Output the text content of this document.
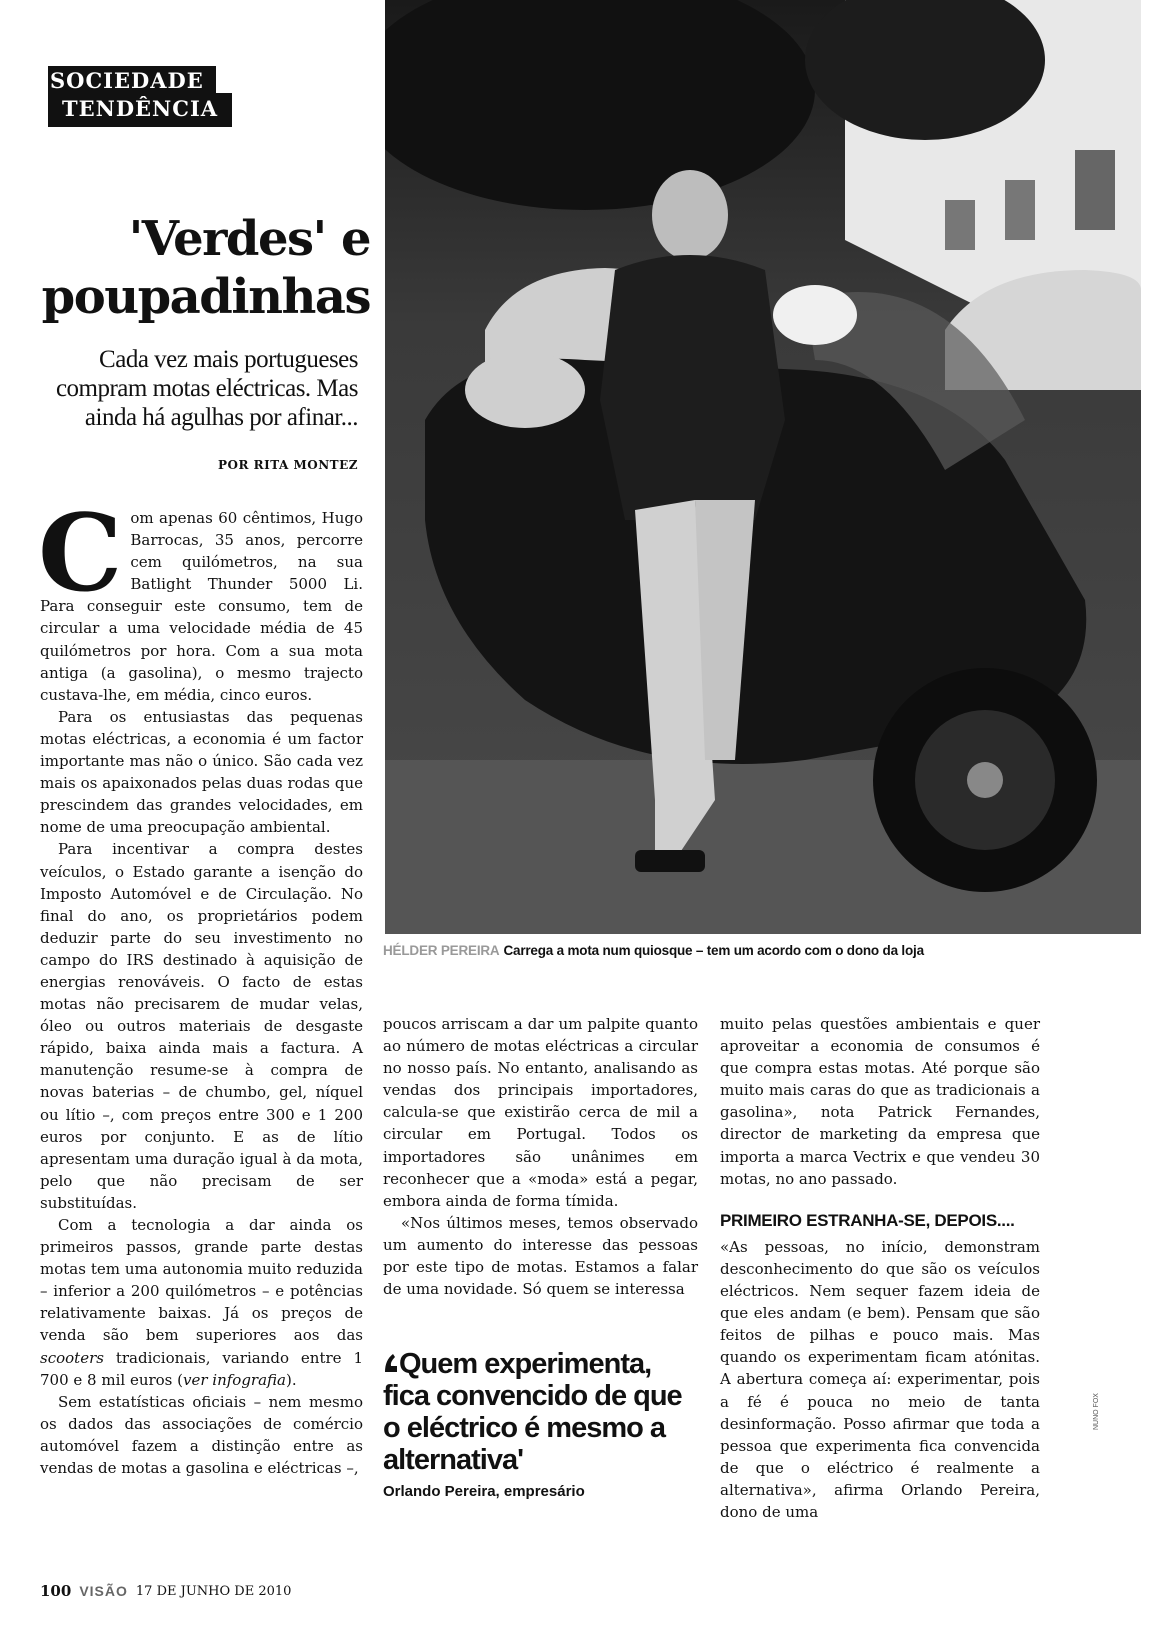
SOCIEDADE
TENDÊNCIA
'Verdes' e
poupadinhas
Cada vez mais portugueses compram motas eléctricas. Mas ainda há agulhas por afinar...
POR RITA MONTEZ

Com apenas 60 cêntimos, Hugo Barrocas, 35 anos, percorre cem quilómetros, na sua Batlight Thunder 5000 Li. Para conseguir este consumo, tem de circular a uma velocidade média de 45 quilómetros por hora. Com a sua mota antiga (a gasolina), o mesmo trajecto custava-lhe, em média, cinco euros.

Para os entusiastas das pequenas motas eléctricas, a economia é um factor importante mas não o único. São cada vez mais os apaixonados pelas duas rodas que prescindem das grandes velocidades, em nome de uma preocupação ambiental.

Para incentivar a compra destes veículos, o Estado garante a isenção do Imposto Automóvel e de Circulação. No final do ano, os proprietários podem deduzir parte do seu investimento no campo do IRS destinado à aquisição de energias renováveis. O facto de estas motas não precisarem de mudar velas, óleo ou outros materiais de desgaste rápido, baixa ainda mais a factura. A manutenção resume-se à compra de novas baterias – de chumbo, gel, níquel ou lítio –, com preços entre 300 e 1 200 euros por conjunto. E as de lítio apresentam uma duração igual à da mota, pelo que não precisam de ser substituídas.

Com a tecnologia a dar ainda os primeiros passos, grande parte destas motas tem uma autonomia muito reduzida – inferior a 200 quilómetros – e potências relativamente baixas. Já os preços de venda são bem superiores aos das scooters tradicionais, variando entre 1 700 e 8 mil euros (ver infografia).

Sem estatísticas oficiais – nem mesmo os dados das associações de comércio automóvel fazem a distinção entre as vendas de motas a gasolina e eléctricas –,

HÉLDER PEREIRA Carrega a mota num quiosque – tem um acordo com o dono da loja

poucos arriscam a dar um palpite quanto ao número de motas eléctricas a circular no nosso país. No entanto, analisando as vendas dos principais importadores, calcula-se que existirão cerca de mil a circular em Portugal. Todos os importadores são unânimes em reconhecer que a «moda» está a pegar, embora ainda de forma tímida.

«Nos últimos meses, temos observado um aumento do interesse das pessoas por este tipo de motas. Estamos a falar de uma novidade. Só quem se interessa

Quem experimenta, fica convencido de que o eléctrico é mesmo a alternativa'
Orlando Pereira, empresário

muito pelas questões ambientais e quer aproveitar a economia de consumos é que compra estas motas. Até porque são muito mais caras do que as tradicionais a gasolina», nota Patrick Fernandes, director de marketing da empresa que importa a marca Vectrix e que vendeu 30 motas, no ano passado.

PRIMEIRO ESTRANHA-SE, DEPOIS....

«As pessoas, no início, demonstram desconhecimento do que são os veículos eléctricos. Nem sequer fazem ideia de que eles andam (e bem). Pensam que são feitos de pilhas e pouco mais. Mas quando os experimentam ficam atónitas. A abertura começa aí: experimentar, pois a fé é pouca no meio de tanta desinformação. Posso afirmar que toda a pessoa que experimenta fica convencida de que o eléctrico é realmente a alternativa», afirma Orlando Pereira, dono de uma

NUNO FOX
100 VISÃO 17 DE JUNHO DE 2010
